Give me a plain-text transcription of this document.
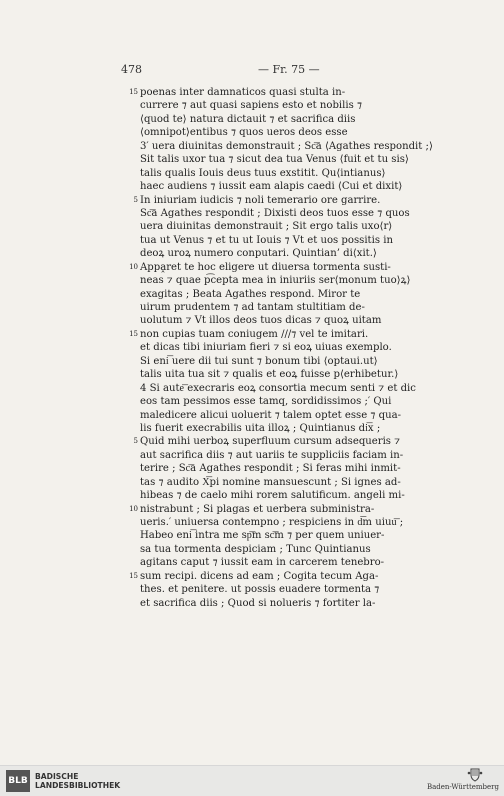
478	— Fr. 75 —
15 poenas inter damnaticos quasi stulta in-
currere ⁊ aut quasi sapiens esto et nobilis ⁊
⟨quod te⟩ natura dictauit ⁊ et sacrifica diis
⟨omnipot⟩entibus ⁊ quos ueros deos esse
3′ uera diuinitas demonstrauit ; Sc͞a ⟨Agathes respondit ;⟩
Sit talis uxor tua ⁊ sicut dea tua Venus ⟨fuit et tu sis⟩
talis qualis Iouis deus tuus exstitit. Qu⟨intianus⟩
haec audiens ⁊ iussit eam alapis caedi ⟨Cui et dixit⟩
5 In iniuriam iudicis ⁊ noli temerario ore garrire.
Sc͞a Agathes respondit ; Dixisti deos tuos esse ⁊ quos
uera diuinitas demonstrauit ; Sit ergo talis uxo⟨r⟩
tua ut Venus ⁊ et tu ut Iouis ⁊ Vt et uos possitis in
deoꝝ uroꝝ numero conputari. Quintian’ di⟨xit.⟩
10 Appa̭ret te hoc eligere ut diuersa tormenta susti-
neas ⁊ quae p͡cepta mea in iniuriis ser⟨monum tuo⟩ꝝ⟩
exagitas ; Beata Agathes respond. Miror te
uirum prudentem ⁊ ad tantam stultitiam de-
uolutum ⁊ Vt illos deos tuos dicas ⁊ quoꝝ uitam
15 non cupias tuam coniugem ///⁊ vel te imitari.
et dicas tibi iniuriam fieri ⁊ si eoꝝ uiuas exemplo.
Si eni͞ uere dii tui sunt ⁊ bonum tibi ⟨optaui.ut⟩
talis uita tua sit ⁊ qualis et eoꝝ fuisse p⟨erhibetur.⟩
4 Si aute͞ execraris eoꝝ consortia mecum senti ⁊ et dic
eos tam pessimos esse tamq, sordidissimos ;′ Qui
maledicere alicui uoluerit ⁊ talem optet esse ⁊ qua-
lis fuerit execrabilis uita illoꝝ ; Quintianus di͞x ;
5 Quid mihi uerboꝝ superfluum cursum adsequeris ⁊
aut sacrifica diis ⁊ aut uariis te suppliciis faciam in-
terire ; Sc͞a Agathes respondit ; Si feras mihi inmit-
tas ⁊ audito X͞pi nomine mansuescunt ; Si ignes ad-
hibeas ⁊ de caelo mihi rorem salutificum. angeli mi-
10 nistrabunt ; Si plagas et uerbera subministra-
ueris.′ uniuersa contempno ; respiciens in d͞m uiuu͞ ;
Habeo eni͞ intra me sp͞m sc͞m ⁊ per quem uniuer-
sa tua tormenta despiciam ; Tunc Quintianus
agitans caput ⁊ iussit eam in carcerem tenebro-
15 sum recipi. dicens ad eam ; Cogita tecum Aga-
thes. et penitere. ut possis euadere tormenta ⁊
et sacrifica diis ; Quod si nolueris ⁊ fortiter la-
BLB BADISCHE
LANDESBIBLIOTHEK	Baden-Württemberg
